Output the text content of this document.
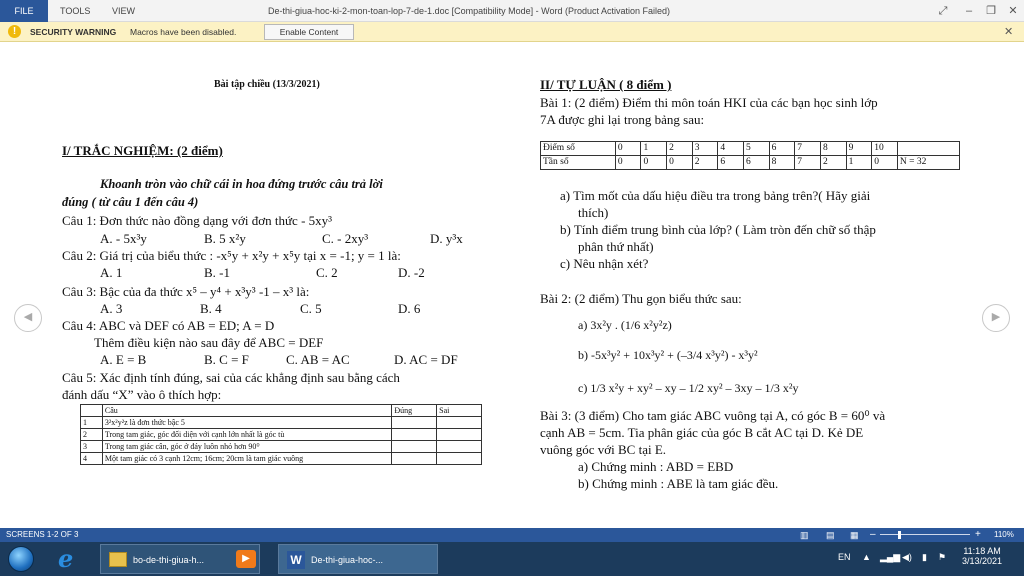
FILE	TOOLS VIEW	De-thi-giua-hoc-ki-2-mon-toan-lop-7-de-1.doc [Compatibility Mode] - Word (Product Activation Failed)	⤢	–	❐	✕
!	SECURITY WARNING Macros have been disabled.	Enable Content	✕
◀	▶
Bài tập chiều (13/3/2021)
I/ TRẮC NGHIỆM: (2 điểm)
Khoanh tròn vào chữ cái in hoa đứng trước câu trả lời
đúng ( từ câu 1 đến câu 4)
Câu 1: Đơn thức nào đồng dạng với đơn thức - 5xy³
A. - 5x³y	B. 5 x²y	C. - 2xy³	D. y³x
Câu 2: Giá trị của biểu thức : -x⁵y + x²y + x⁵y tại x = -1; y = 1 là:
A. 1	B. -1	C. 2	D. -2
Câu 3: Bậc của đa thức x⁵ – y⁴ + x³y³ -1 – x³ là:
A. 3	B. 4	C. 5	D. 6
Câu 4: ABC và DEF có AB = ED; A = D
Thêm điều kiện nào sau đây để ABC = DEF
A. E = B	B. C = F	C. AB = AC	D. AC = DF
Câu 5: Xác định tính đúng, sai của các khẳng định sau bằng cách
đánh dấu “X” vào ô thích hợp:
	Câu	Đúng	Sai
1	3²x²y²z là đơn thức bậc 5		
2	Trong tam giác, góc đối diện với cạnh lớn nhất là góc tù		
3	Trong tam giác cân, góc ở đáy luôn nhỏ hơn 90⁰		
4	Một tam giác có 3 cạnh 12cm; 16cm; 20cm là tam giác vuông		
II/ TỰ LUẬN ( 8 điểm )
Bài 1: (2 điểm) Điểm thi môn toán HKI của các bạn học sinh lớp
7A được ghi lại trong bảng sau:
Điểm số	0	1	2	3	4	5	6	7	8	9	10	
Tần số	0	0	0	2	6	6	8	7	2	1	0	N = 32
a) Tìm mốt của dấu hiệu điều tra trong bảng trên?( Hãy giải
thích)
b) Tính điểm trung bình của lớp? ( Làm tròn đến chữ số thập
phân thứ nhất)
c) Nêu nhận xét?
Bài 2: (2 điểm) Thu gọn biểu thức sau:
a) 3x²y . (1/6 x²y²z)
b) -5x³y² + 10x³y² + (–3/4 x³y²) - x³y²
c) 1/3 x²y + xy² – xy – 1/2 xy² – 3xy – 1/3 x²y
Bài 3: (3 điểm) Cho tam giác ABC vuông tại A, có góc B = 60⁰ và
cạnh AB = 5cm. Tia phân giác của góc B cắt AC tại D. Kẻ DE
vuông góc với BC tại E.
a) Chứng minh : ABD = EBD
b) Chứng minh : ABE là tam giác đều.
SCREENS 1-2 OF 3	▥ ▤ ▦ –	+ 110%
e	bo-de-thi-giua-h...	▶	W	De-thi-giua-hoc-...	EN ▲ ▂▄▆ ◀) ▮ ⚑
11:18 AM
3/13/2021
